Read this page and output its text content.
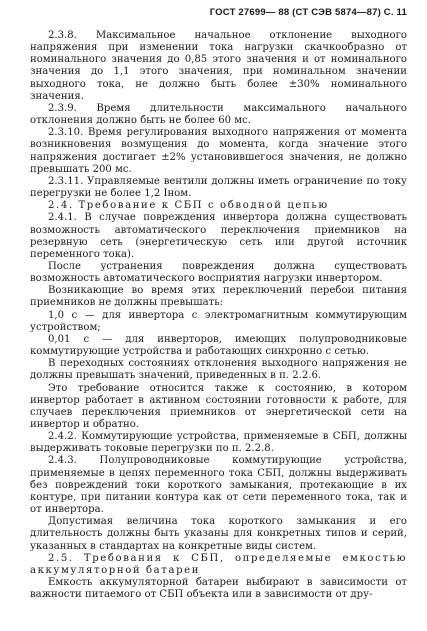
ГОСТ 27699— 88 (СТ СЭВ 5874—87) С. 11

2.3.8. Максимальное начальное отклонение выходного напряжения при изменении тока нагрузки скачкообразно от номинального значения до 0,85 этого значения и от номинального значения до 1,1 этого значения, при номинальном значении выходного тока, не должно быть более ±30% номинального значения.

2.3.9. Время длительности максимального начального отклонения должно быть не более 60 мс.

2.3.10. Время регулирования выходного напряжения от момента возникновения возмущения до момента, когда значение этого напряжения достигает ±2% установившегося значения, не должно превышать 200 мс.

2.3.11. Управляемые вентили должны иметь ограничение по току перегрузки не более 1,2 Iном.

2.4. Требование к СБП с обводной цепью

2.4.1. В случае повреждения инвертора должна существовать возможность автоматического переключения приемников на резервную сеть (энергетическую сеть или другой источник переменного тока).

После устранения повреждения должна существовать возможность автоматического восприятия нагрузки инвертором.

Возникающие во время этих переключений перебои питания приемников не должны превышать:

1,0 с — для инвертора с электромагнитным коммутирующим устройством;

0,01 с — для инверторов, имеющих полупроводниковые коммутирующие устройства и работающих синхронно с сетью.

В переходных состояниях отклонения выходного напряжения не должны превышать значений, приведенных в п. 2.2.6.

Это требование относится также к состоянию, в котором инвертор работает в активном состоянии готовности к работе, для случаев переключения приемников от энергетической сети на инвертор и обратно.

2.4.2. Коммутирующие устройства, применяемые в СБП, должны выдерживать токовые перегрузки по п. 2.2.8.

2.4.3. Полупроводниковые коммутирующие устройства, применяемые в цепях переменного тока СБП, должны выдерживать без повреждений токи короткого замыкания, протекающие в их контуре, при питании контура как от сети переменного тока, так и от инвертора.

Допустимая величина тока короткого замыкания и его длительность должны быть указаны для конкретных типов и серий, указанных в стандартах на конкретные виды систем.

2.5. Требования к СБП, определяемые емкостью аккумуляторной батареи

Емкость аккумуляторной батареи выбирают в зависимости от важности питаемого от СБП объекта или в зависимости от дру-
